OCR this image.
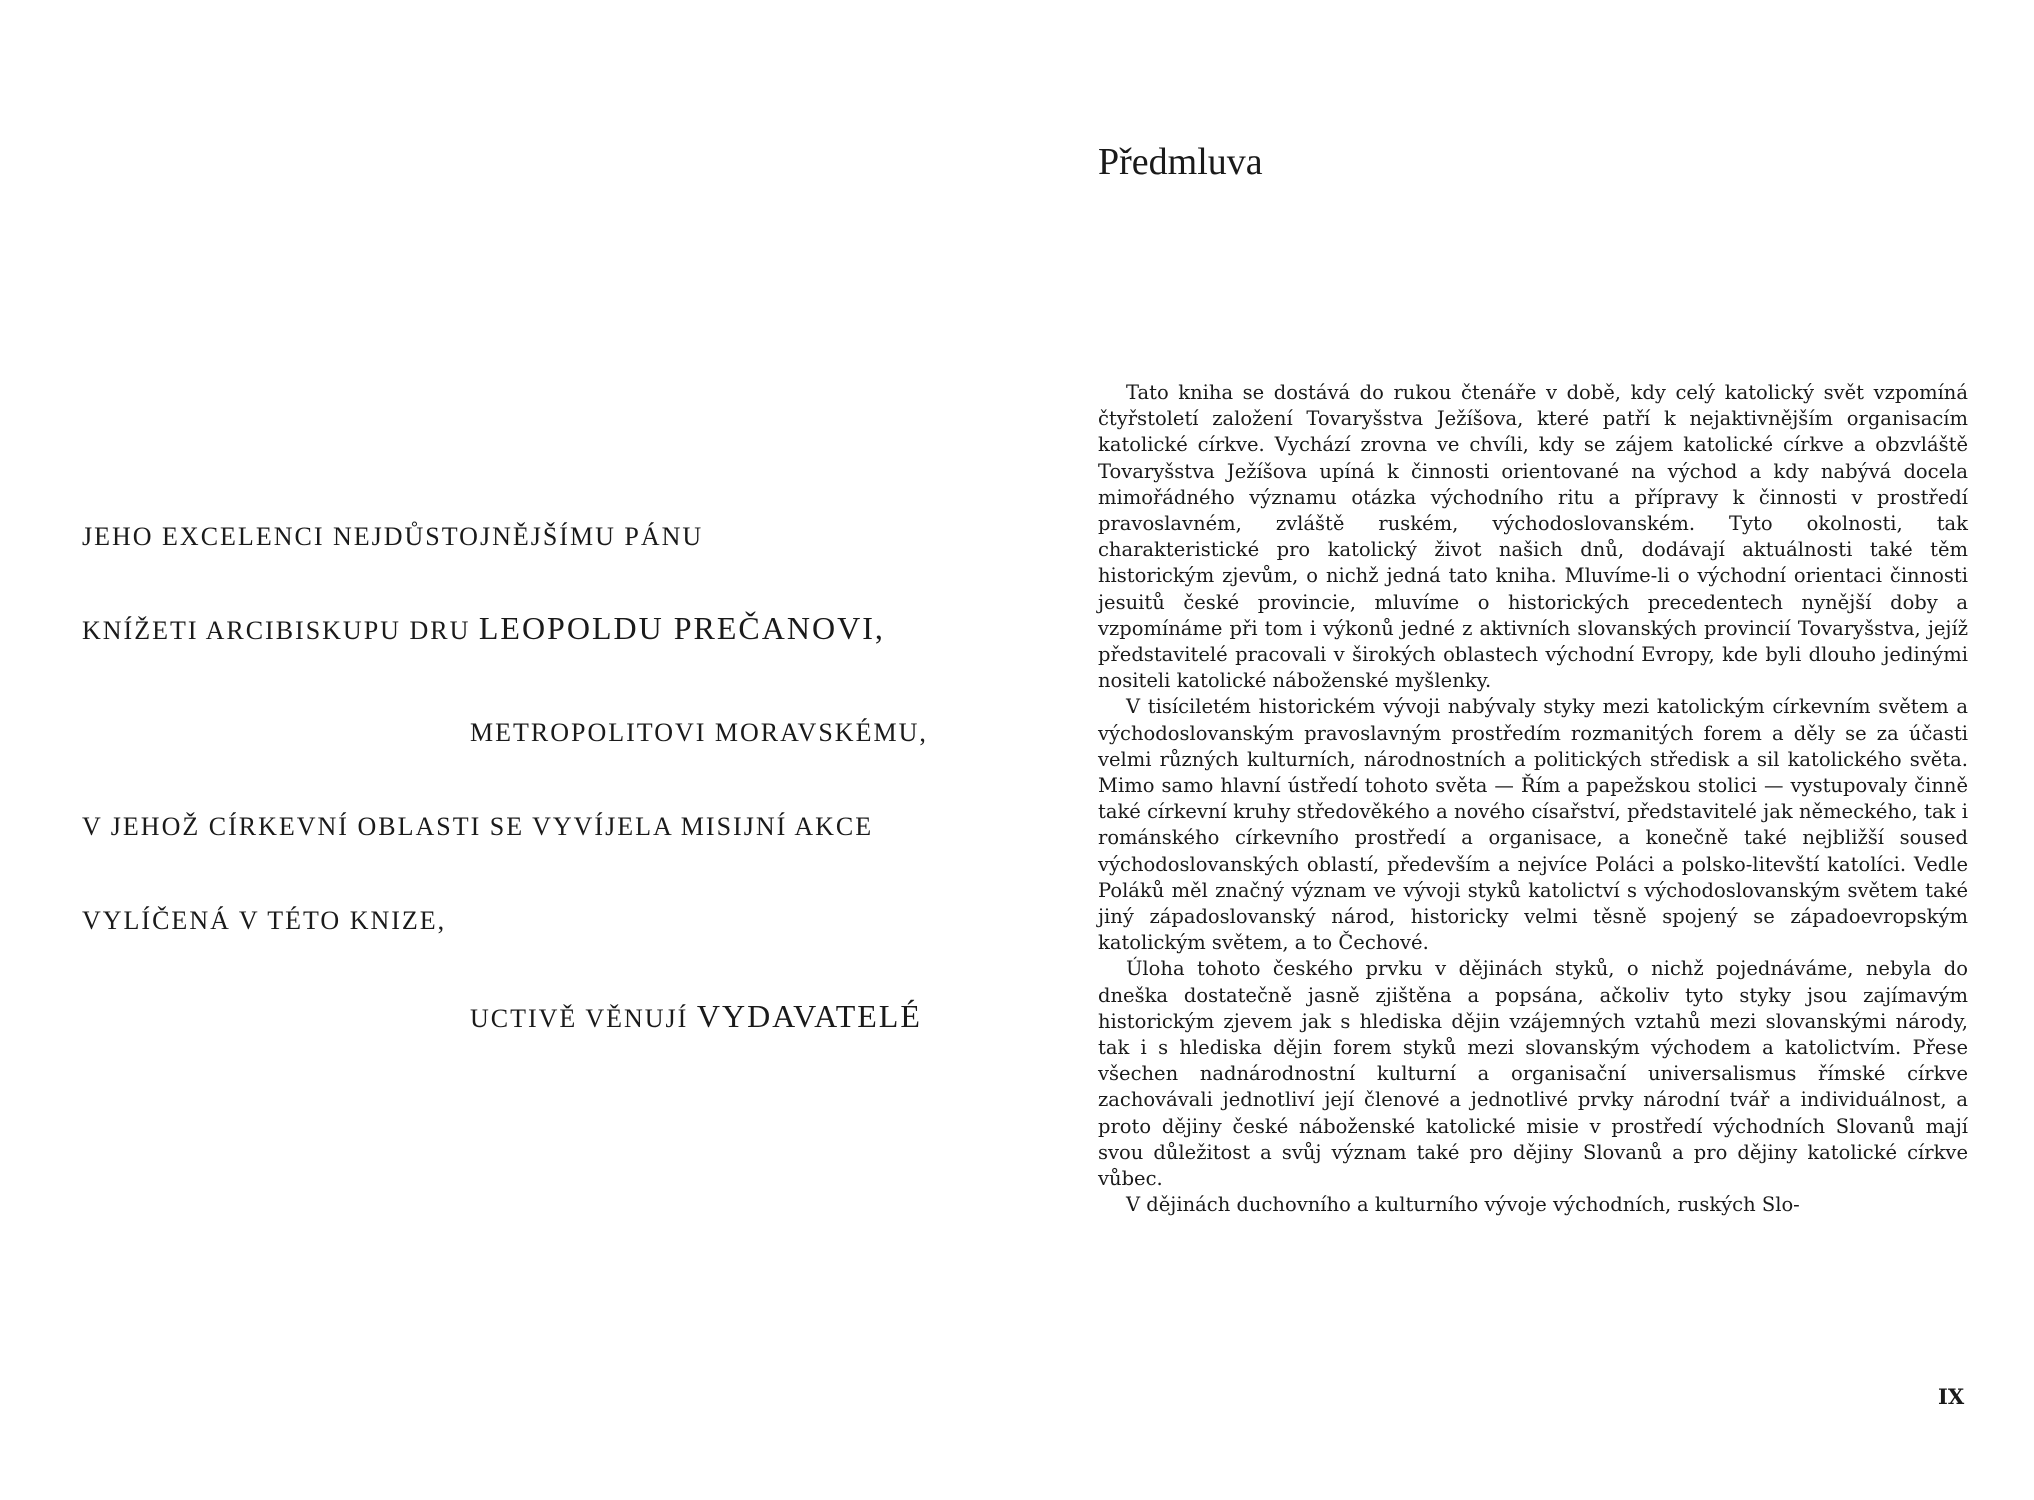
JEHO EXCELENCI NEJDŮSTOJNĚJŠÍMU PÁNU
KNÍŽETI ARCIBISKUPU DRU LEOPOLDU PREČANOVI,
METROPOLITOVI MORAVSKÉMU,
V JEHOŽ CÍRKEVNÍ OBLASTI SE VYVÍJELA MISIJNÍ AKCE
VYLÍČENÁ V TÉTO KNIZE,
UCTIVĚ VĚNUJÍ VYDAVATELÉ
Předmluva

Tato kniha se dostává do rukou čtenáře v době, kdy celý katolický svět vzpomíná čtyřstoletí založení Tovaryšstva Ježíšova, které patří k nejaktivnějším organisacím katolické církve. Vychází zrovna ve chvíli, kdy se zájem katolické církve a obzvláště Tovaryšstva Ježíšova upíná k činnosti orientované na východ a kdy nabývá docela mimořádného významu otázka východního ritu a přípravy k činnosti v prostředí pravoslavném, zvláště ruském, východoslovanském. Tyto okolnosti, tak charakteristické pro katolický život našich dnů, dodávají aktuálnosti také těm historickým zjevům, o nichž jedná tato kniha. Mluvíme-li o východní orientaci činnosti jesuitů české provincie, mluvíme o historických precedentech nynější doby a vzpomínáme při tom i výkonů jedné z aktivních slovanských provincií Tovaryšstva, jejíž představitelé pracovali v širokých oblastech východní Evropy, kde byli dlouho jedinými nositeli katolické náboženské myšlenky.

V tisíciletém historickém vývoji nabývaly styky mezi katolickým církevním světem a východoslovanským pravoslavným prostředím rozmanitých forem a děly se za účasti velmi různých kulturních, národnostních a politických středisk a sil katolického světa. Mimo samo hlavní ústředí tohoto světa — Řím a papežskou stolici — vystupovaly činně také církevní kruhy středověkého a nového císařství, představitelé jak německého, tak i románského církevního prostředí a organisace, a konečně také nejbližší soused východoslovanských oblastí, především a nejvíce Poláci a polsko-litevští katolíci. Vedle Poláků měl značný význam ve vývoji styků katolictví s východoslovanským světem také jiný západoslovanský národ, historicky velmi těsně spojený se západoevropským katolickým světem, a to Čechové.

Úloha tohoto českého prvku v dějinách styků, o nichž pojednáváme, nebyla do dneška dostatečně jasně zjištěna a popsána, ačkoliv tyto styky jsou zajímavým historickým zjevem jak s hlediska dějin vzájemných vztahů mezi slovanskými národy, tak i s hlediska dějin forem styků mezi slovanským východem a katolictvím. Přese všechen nadnárodnostní kulturní a organisační universalismus římské církve zachovávali jednotliví její členové a jednotlivé prvky národní tvář a individuálnost, a proto dějiny české náboženské katolické misie v prostředí východních Slovanů mají svou důležitost a svůj význam také pro dějiny Slovanů a pro dějiny katolické církve vůbec.

V dějinách duchovního a kulturního vývoje východních, ruských Slo-

IX
